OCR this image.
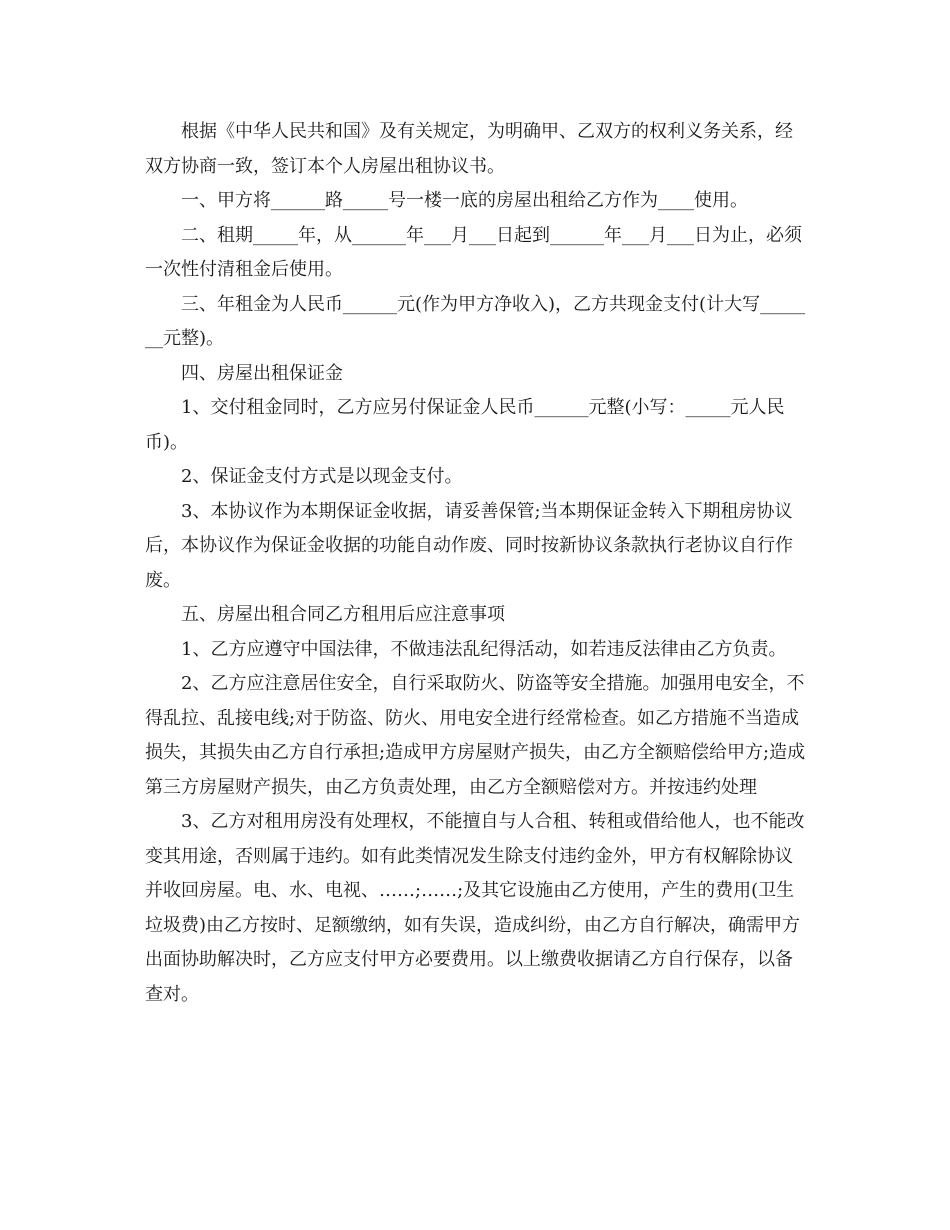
根据《中华人民共和国》及有关规定，为明确甲、乙双方的权利义务关系，经双方协商一致，签订本个人房屋出租协议书。

一、甲方将______路_____号一楼一底的房屋出租给乙方作为____使用。

二、租期_____年，从______年___月___日起到______年___月___日为止，必须一次性付清租金后使用。

三、年租金为人民币______元(作为甲方净收入)，乙方共现金支付(计大写_______元整)。

四、房屋出租保证金

1、交付租金同时，乙方应另付保证金人民币______元整(小写：_____元人民币)。

2、保证金支付方式是以现金支付。

3、本协议作为本期保证金收据，请妥善保管;当本期保证金转入下期租房协议后，本协议作为保证金收据的功能自动作废、同时按新协议条款执行老协议自行作废。

五、房屋出租合同乙方租用后应注意事项

1、乙方应遵守中国法律，不做违法乱纪得活动，如若违反法律由乙方负责。

2、乙方应注意居住安全，自行采取防火、防盗等安全措施。加强用电安全，不得乱拉、乱接电线;对于防盗、防火、用电安全进行经常检查。如乙方措施不当造成损失，其损失由乙方自行承担;造成甲方房屋财产损失，由乙方全额赔偿给甲方;造成第三方房屋财产损失，由乙方负责处理，由乙方全额赔偿对方。并按违约处理

3、乙方对租用房没有处理权，不能擅自与人合租、转租或借给他人，也不能改变其用途，否则属于违约。如有此类情况发生除支付违约金外，甲方有权解除协议并收回房屋。电、水、电视、……;……;及其它设施由乙方使用，产生的费用(卫生垃圾费)由乙方按时、足额缴纳，如有失误，造成纠纷，由乙方自行解决，确需甲方出面协助解决时，乙方应支付甲方必要费用。以上缴费收据请乙方自行保存，以备查对。
